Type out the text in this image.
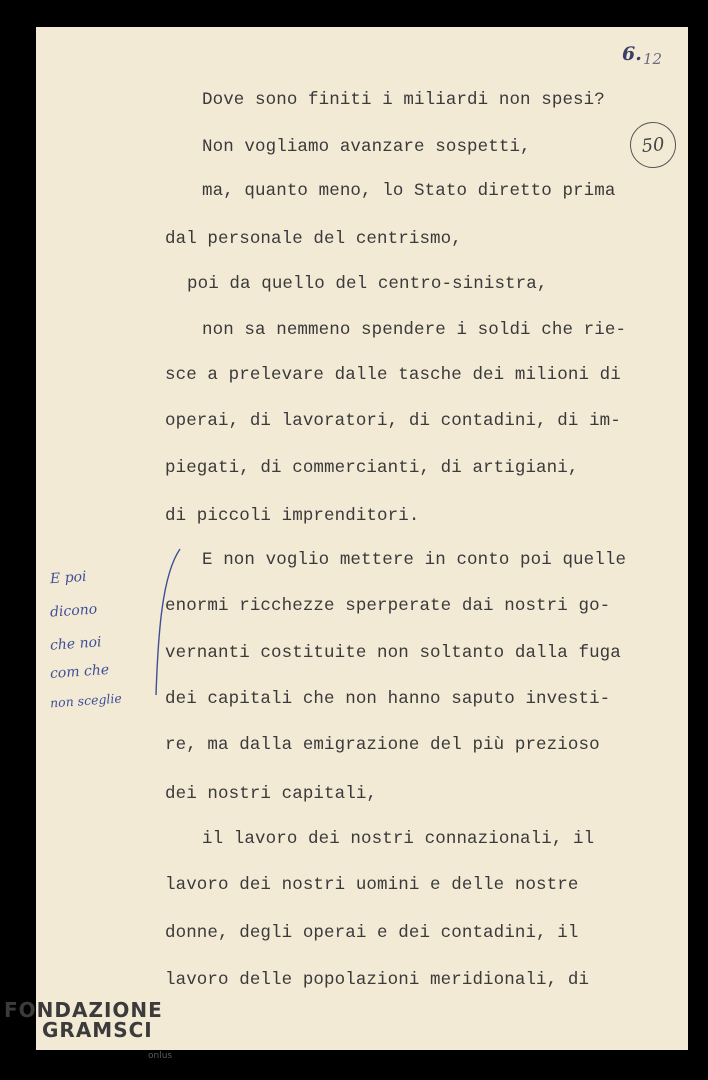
6. 12
50
Dove sono finiti i miliardi non spesi?
Non vogliamo avanzare sospetti,
ma, quanto meno, lo Stato diretto prima
dal personale del centrismo,
poi da quello del centro-sinistra,
non sa nemmeno spendere i soldi che rie-
sce a prelevare dalle tasche dei milioni di
operai, di lavoratori, di contadini, di im-
piegati, di commercianti, di artigiani,
di piccoli imprenditori.
E non voglio mettere in conto poi quelle
enormi ricchezze sperperate dai nostri go-
vernanti costituite non soltanto dalla fuga
dei capitali che non hanno saputo investi-
re, ma dalla emigrazione del più prezioso
dei nostri capitali,
il lavoro dei nostri connazionali, il
lavoro dei nostri uomini e delle nostre
donne, degli operai e dei contadini, il
lavoro delle popolazioni meridionali, di
E poi
dicono
che noi
com che
non sceglie
FONDAZIONE
GRAMSCI
onlus
